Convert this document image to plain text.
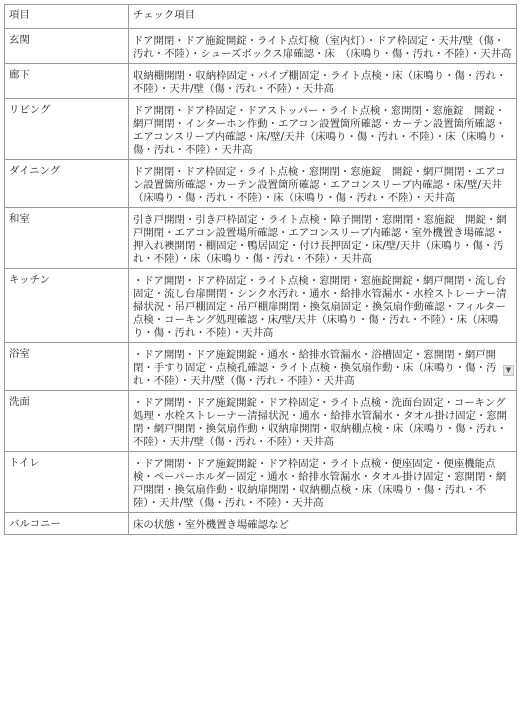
項目	チェック項目
玄関	ドア開閉・ドア施錠開錠・ライト点灯検（室内灯）・ドア枠固定・天井/壁（傷・汚れ・不陸）・シューズボックス扉確認・床　（床鳴り・傷・汚れ・不陸）・天井高
廊下	収納棚開閉・収納枠固定・パイプ棚固定・ライト点検・床（床鳴り・傷・汚れ・不陸）・天井/壁（傷・汚れ・不陸）・天井高
リビング	ドア開閉・ドア枠固定・ドアストッパー・ライト点検・窓開閉・窓施錠　開錠・網戸開閉・インターホン作動・エアコン設置箇所確認・カーテン設置箇所確認・エアコンスリーブ内確認・床/壁/天井（床鳴り・傷・汚れ・不陸）・床（床鳴り・傷・汚れ・不陸）・天井高
ダイニング	ドア開閉・ドア枠固定・ライト点検・窓開閉・窓施錠　開錠・網戸開閉・エアコン設置箇所確認・カーテン設置箇所確認・エアコンスリーブ内確認・床/壁/天井（床鳴り・傷・汚れ・不陸）・床（床鳴り・傷・汚れ・不陸）・天井高
和室	引き戸開閉・引き戸枠固定・ライト点検・障子開閉・窓開閉・窓施錠　開錠・網戸開閉・エアコン設置場所確認・エアコンスリーブ内確認・室外機置き場確認・押入れ襖開閉・棚固定・鴨居固定・付け長押固定・床/壁/天井（床鳴り・傷・汚れ・不陸）・床（床鳴り・傷・汚れ・不陸）・天井高
キッチン	・ドア開閉・ドア枠固定・ライト点検・窓開閉・窓施錠開錠・網戸開閉・流し台固定・流し台扉開閉・シンク水汚れ・通水・給排水管漏水・水栓ストレーナー清掃状況・吊戸棚固定・吊戸棚扉開閉・換気扇固定・換気扇作動確認・フィルター点検・コーキング処理確認・床/壁/天井（床鳴り・傷・汚れ・不陸）・床（床鳴り・傷・汚れ・不陸）・天井高
浴室	・ドア開閉・ドア施錠開錠・通水・給排水管漏水・浴槽固定・窓開閉・網戸開閉・手すり固定・点検孔確認・ライト点検・換気扇作動・床（床鳴り・傷・汚れ・不陸）・天井/壁（傷・汚れ・不陸）・天井高
洗面	・ドア開閉・ドア施錠開錠・ドア枠固定・ライト点検・洗面台固定・コーキング処理・水栓ストレーナー清掃状況・通水・給排水管漏水・タオル掛け固定・窓開閉・網戸開閉・換気扇作動・収納扉開閉・収納棚点検・床（床鳴り・傷・汚れ・不陸）・天井/壁（傷・汚れ・不陸）・天井高
トイレ	・ドア開閉・ドア施錠開錠・ドア枠固定・ライト点検・便座固定・便座機能点検・ペーパーホルダー固定・通水・給排水管漏水・タオル掛け固定・窓開閉・網戸開閉・換気扇作動・収納扉開閉・収納棚点検・床（床鳴り・傷・汚れ・不陸）・天井/壁（傷・汚れ・不陸）・天井高
バルコニー	床の状態・室外機置き場確認など
▼
